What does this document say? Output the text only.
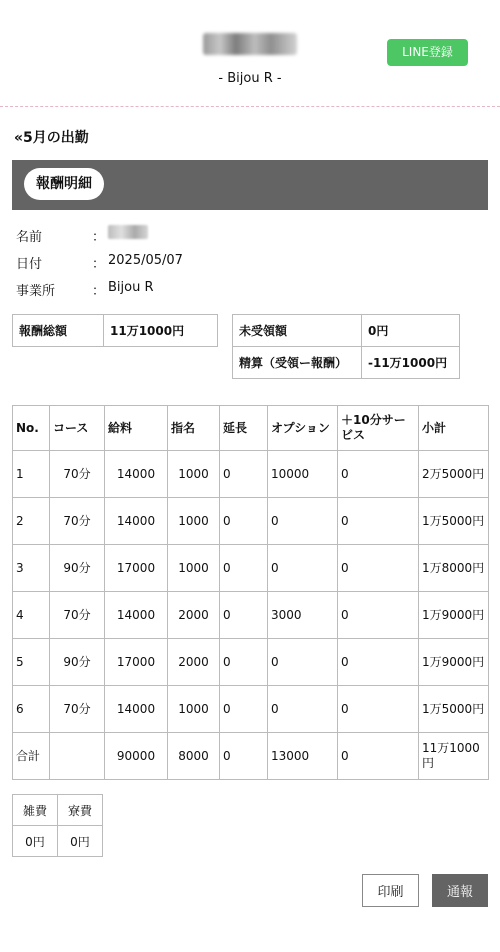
- Bijou R -
LINE登録
«5月の出勤
報酬明細
名前	：
日付	： 2025/05/07
事業所	： Bijou R
報酬総額	11万1000円	未受領額	0円
精算（受領ー報酬）	-11万1000円
No.	コース	給料	指名	延長	オプション	＋10分サービス	小計
1	70分	14000	1000	0	10000	0	2万5000円
2	70分	14000	1000	0	0	0	1万5000円
3	90分	17000	1000	0	0	0	1万8000円
4	70分	14000	2000	0	3000	0	1万9000円
5	90分	17000	2000	0	0	0	1万9000円
6	70分	14000	1000	0	0	0	1万5000円
合計		90000	8000	0	13000	0	11万1000円
雑費	寮費
0円	0円
印刷	通報
